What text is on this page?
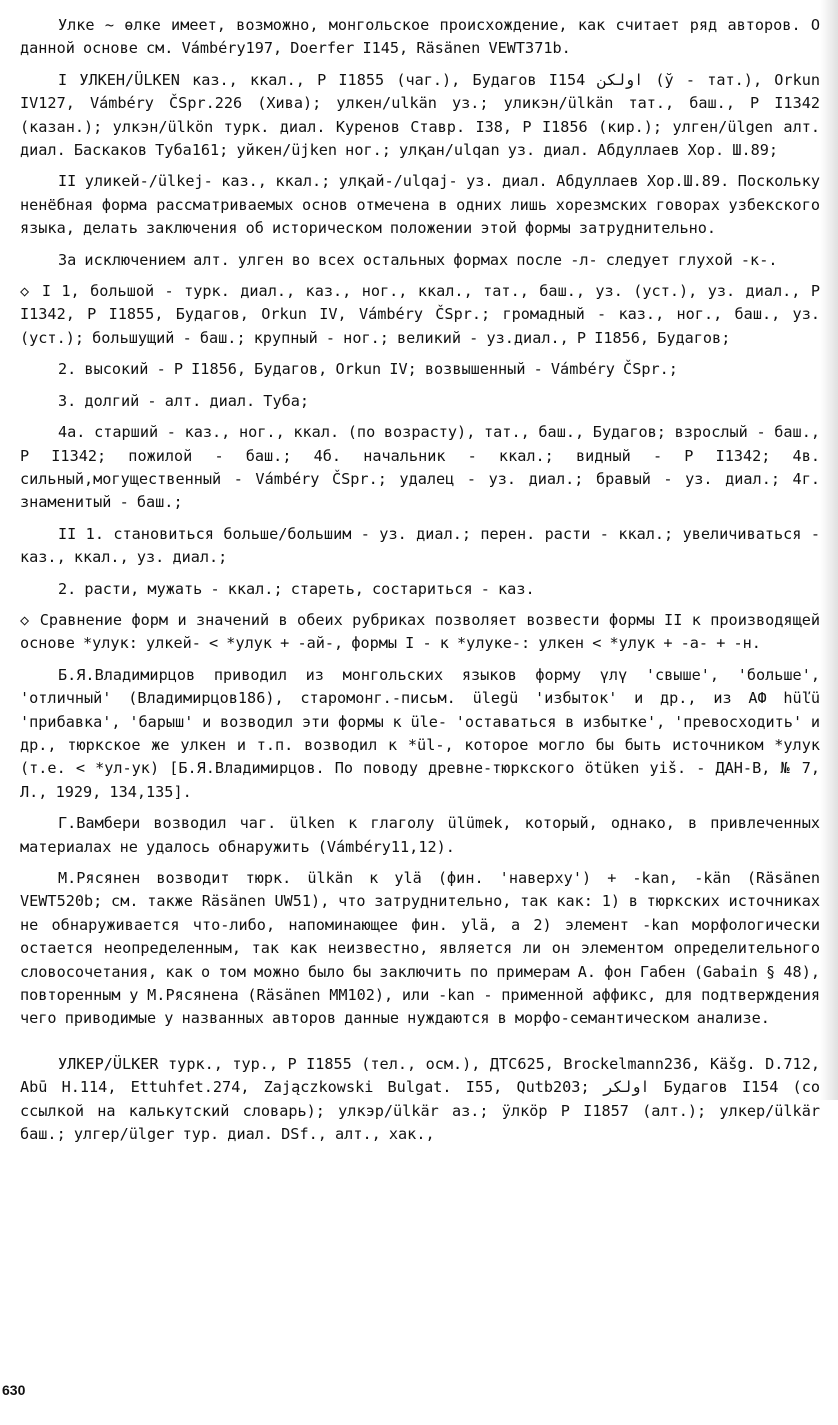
Улке ~ өлке имеет, возможно, монгольское происхождение, как считает ряд авторов. О данной основе см. Vámbéry197, Doerfer I145, Räsänen VEWT371b.

I УЛКЕН/ÜLKEN каз., ккал., Р I1855 (чаг.), Будагов I154 اولكن (ў - тат.), Orkun IV127, Vámbéry ČSpr.226 (Хива); улкен/ulkän уз.; уликэн/ülkän тат., баш., Р I1342 (казан.); улкэн/ülkön турк. диал. Куренов Ставр. I38, Р I1856 (кир.); улген/ülgen алт. диал. Баскаков Туба161; уйкен/üjken ног.; улқан/ulqan уз. диал. Абдуллаев Хор. Ш.89;

II уликей-/ülkej- каз., ккал.; улқай-/ulqaj- уз. диал. Абдуллаев Хор.Ш.89. Поскольку ненёбная форма рассматриваемых основ отмечена в одних лишь хорезмских говорах узбекского языка, делать заключения об историческом положении этой формы затруднительно.

За исключением алт. улген во всех остальных формах после -л- следует глухой -к-.

◇ I 1, большой - турк. диал., каз., ног., ккал., тат., баш., уз. (уст.), уз. диал., Р I1342, Р I1855, Будагов, Orkun IV, Vámbéry ČSpr.; громадный - каз., ног., баш., уз. (уст.); большущий - баш.; крупный - ног.; великий - уз.диал., Р I1856, Будагов;

2. высокий - Р I1856, Будагов, Orkun IV; возвышенный - Vámbéry ČSpr.;

3. долгий - алт. диал. Туба;

4а. старший - каз., ног., ккал. (по возрасту), тат., баш., Будагов; взрослый - баш., Р I1342; пожилой - баш.; 4б. начальник - ккал.; видный - Р I1342; 4в. сильный,могущественный - Vámbéry ČSpr.; удалец - уз. диал.; бравый - уз. диал.; 4г. знаменитый - баш.;

II 1. становиться больше/большим - уз. диал.; перен. расти - ккал.; увеличиваться - каз., ккал., уз. диал.;

2. расти, мужать - ккал.; стареть, состариться - каз.

◇ Сравнение форм и значений в обеих рубриках позволяет возвести формы II к производящей основе *улук: улкей- < *улук + -ай-, формы I - к *улуке-: улкен < *улук + -а- + -н.

Б.Я.Владимирцов приводил из монгольских языков форму үлү 'свыше', 'больше', 'отличный' (Владимирцов186), старомонг.-письм. ülegü 'избыток' и др., из АФ hüľü 'прибавка', 'барыш' и возводил эти формы к üle- 'оставаться в избытке', 'превосходить' и др., тюркское же улкен и т.п. возводил к *ül-, которое могло бы быть источником *улук (т.е. < *ул-ук) [Б.Я.Владимирцов. По поводу древне-тюркского ötüken yiš. - ДАН-В, № 7, Л., 1929, 134,135].

Г.Вамбери возводил чаг. ülken к глаголу ülümek, который, однако, в привлеченных материалах не удалось обнаружить (Vámbéry11,12).

М.Рясянен возводит тюрк. ülkän к ylä (фин. 'наверху') + -kan, -kän (Räsänen VEWT520b; см. также Räsänen UW51), что затруднительно, так как: 1) в тюркских источниках не обнаруживается что-либо, напоминающее фин. ylä, а 2) элемент -kan морфологически остается неопределенным, так как неизвестно, является ли он элементом определительного словосочетания, как о том можно было бы заключить по примерам А. фон Габен (Gabain § 48), повторенным у М.Рясянена (Räsänen MM102), или -kan - применной аффикс, для подтверждения чего приводимые у названных авторов данные нуждаются в морфо-семантическом анализе.

УЛКЕР/ÜLKER турк., тур., Р I1855 (тел., осм.), ДТС625, Brockelmann236, Käšg. D.712, Abū H.114, Ettuhfet.274, Zajączkowski Bulgat. I55, Qutb203; اولكر Будагов I154 (со ссылкой на калькутский словарь); улкэр/ülkär аз.; ӱлкӧр Р I1857 (алт.); улкер/ülkär баш.; улгер/ülger тур. диал. DSf., алт., хак.,

630
